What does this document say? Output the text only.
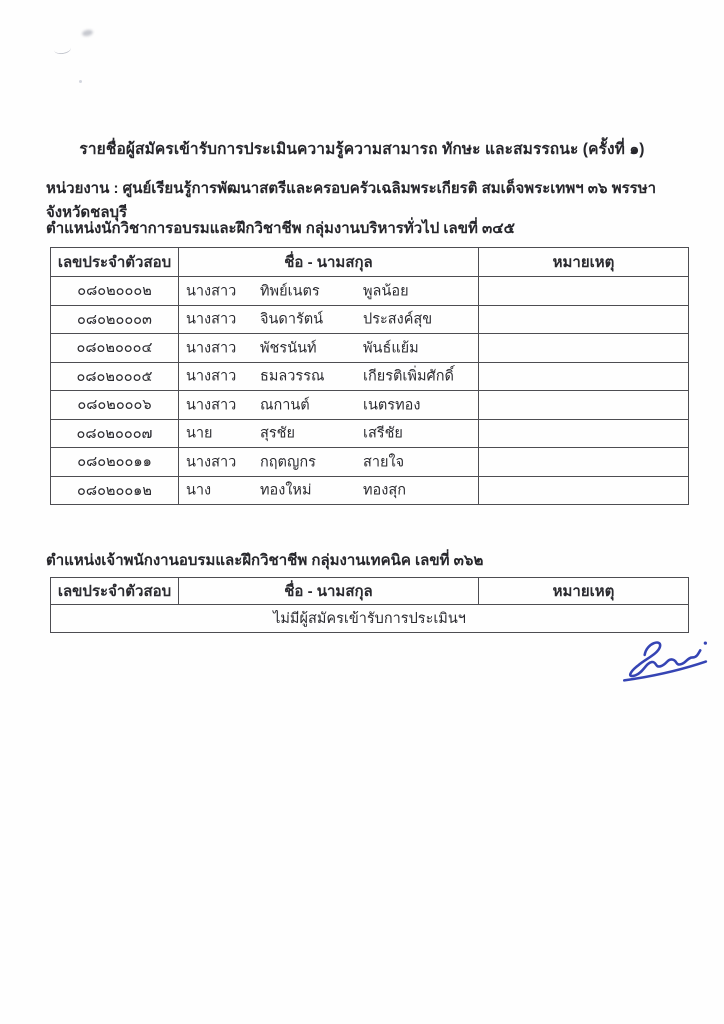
รายชื่อผู้สมัครเข้ารับการประเมินความรู้ความสามารถ ทักษะ และสมรรถนะ (ครั้งที่ ๑)
หน่วยงาน : ศูนย์เรียนรู้การพัฒนาสตรีและครอบครัวเฉลิมพระเกียรติ สมเด็จพระเทพฯ ๓๖ พรรษา จังหวัดชลบุรี
ตำแหน่งนักวิชาการอบรมและฝึกวิชาชีพ กลุ่มงานบริหารทั่วไป เลขที่ ๓๔๕
เลขประจำตัวสอบ	ชื่อ - นามสกุล	หมายเหตุ
๐๘๐๒๐๐๐๒	นางสาว ทิพย์เนตร พูลน้อย	

๐๘๐๒๐๐๐๓	นางสาว จินดารัตน์ ประสงค์สุข	

๐๘๐๒๐๐๐๔	นางสาว พัชรนันท์ พันธ์แย้ม	

๐๘๐๒๐๐๐๕	นางสาว ธมลวรรณ เกียรติเพิ่มศักดิ์	

๐๘๐๒๐๐๐๖	นางสาว ณกานต์ เนตรทอง	

๐๘๐๒๐๐๐๗	นาย สุรชัย เสรีชัย	

๐๘๐๒๐๐๑๑	นางสาว กฤตญกร สายใจ	

๐๘๐๒๐๐๑๒	นาง ทองใหม่ ทองสุก	

ตำแหน่งเจ้าพนักงานอบรมและฝึกวิชาชีพ กลุ่มงานเทคนิค เลขที่ ๓๖๒
เลขประจำตัวสอบ	ชื่อ - นามสกุล	หมายเหตุ
ไม่มีผู้สมัครเข้ารับการประเมินฯ
